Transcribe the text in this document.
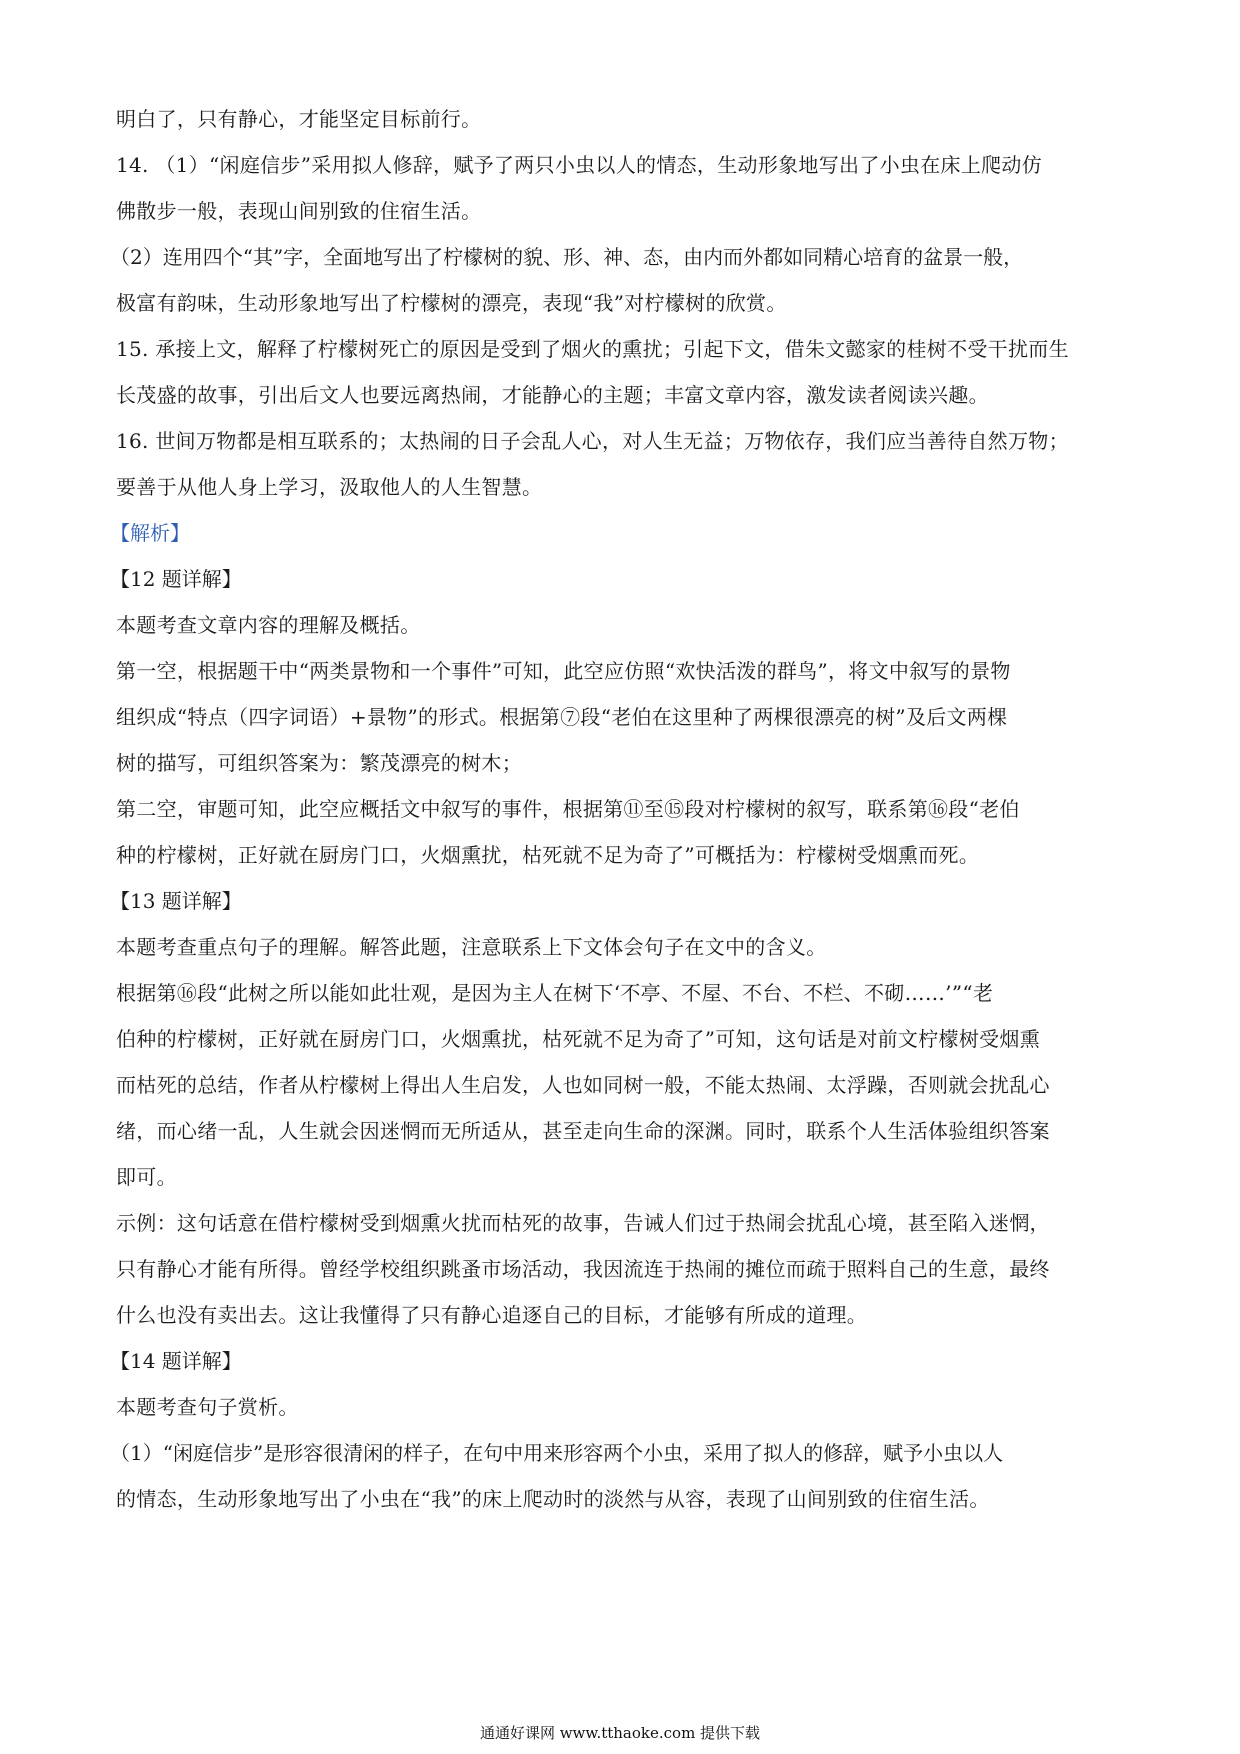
明白了，只有静心，才能坚定目标前行。
14. （1）“闲庭信步”采用拟人修辞，赋予了两只小虫以人的情态，生动形象地写出了小虫在床上爬动仿
佛散步一般，表现山间别致的住宿生活。
（2）连用四个“其”字，全面地写出了柠檬树的貌、形、神、态，由内而外都如同精心培育的盆景一般，
极富有韵味，生动形象地写出了柠檬树的漂亮，表现“我”对柠檬树的欣赏。
15. 承接上文，解释了柠檬树死亡的原因是受到了烟火的熏扰；引起下文，借朱文懿家的桂树不受干扰而生
长茂盛的故事，引出后文人也要远离热闹，才能静心的主题；丰富文章内容，激发读者阅读兴趣。
16. 世间万物都是相互联系的；太热闹的日子会乱人心，对人生无益；万物依存，我们应当善待自然万物；
要善于从他人身上学习，汲取他人的人生智慧。
【解析】
【12 题详解】
本题考查文章内容的理解及概括。
第一空，根据题干中“两类景物和一个事件”可知，此空应仿照“欢快活泼的群鸟”，将文中叙写的景物
组织成“特点（四字词语）+景物”的形式。根据第⑦段“老伯在这里种了两棵很漂亮的树”及后文两棵
树的描写，可组织答案为：繁茂漂亮的树木；
第二空，审题可知，此空应概括文中叙写的事件，根据第⑪至⑮段对柠檬树的叙写，联系第⑯段“老伯
种的柠檬树，正好就在厨房门口，火烟熏扰，枯死就不足为奇了”可概括为：柠檬树受烟熏而死。
【13 题详解】
本题考查重点句子的理解。解答此题，注意联系上下文体会句子在文中的含义。
根据第⑯段“此树之所以能如此壮观，是因为主人在树下‘不亭、不屋、不台、不栏、不砌……’”“老
伯种的柠檬树，正好就在厨房门口，火烟熏扰，枯死就不足为奇了”可知，这句话是对前文柠檬树受烟熏
而枯死的总结，作者从柠檬树上得出人生启发，人也如同树一般，不能太热闹、太浮躁，否则就会扰乱心
绪，而心绪一乱，人生就会因迷惘而无所适从，甚至走向生命的深渊。同时，联系个人生活体验组织答案
即可。
示例：这句话意在借柠檬树受到烟熏火扰而枯死的故事，告诫人们过于热闹会扰乱心境，甚至陷入迷惘，
只有静心才能有所得。曾经学校组织跳蚤市场活动，我因流连于热闹的摊位而疏于照料自己的生意，最终
什么也没有卖出去。这让我懂得了只有静心追逐自己的目标，才能够有所成的道理。
【14 题详解】
本题考查句子赏析。
（1）“闲庭信步”是形容很清闲的样子，在句中用来形容两个小虫，采用了拟人的修辞，赋予小虫以人
的情态，生动形象地写出了小虫在“我”的床上爬动时的淡然与从容，表现了山间别致的住宿生活。
通通好课网 www.tthaoke.com 提供下载
